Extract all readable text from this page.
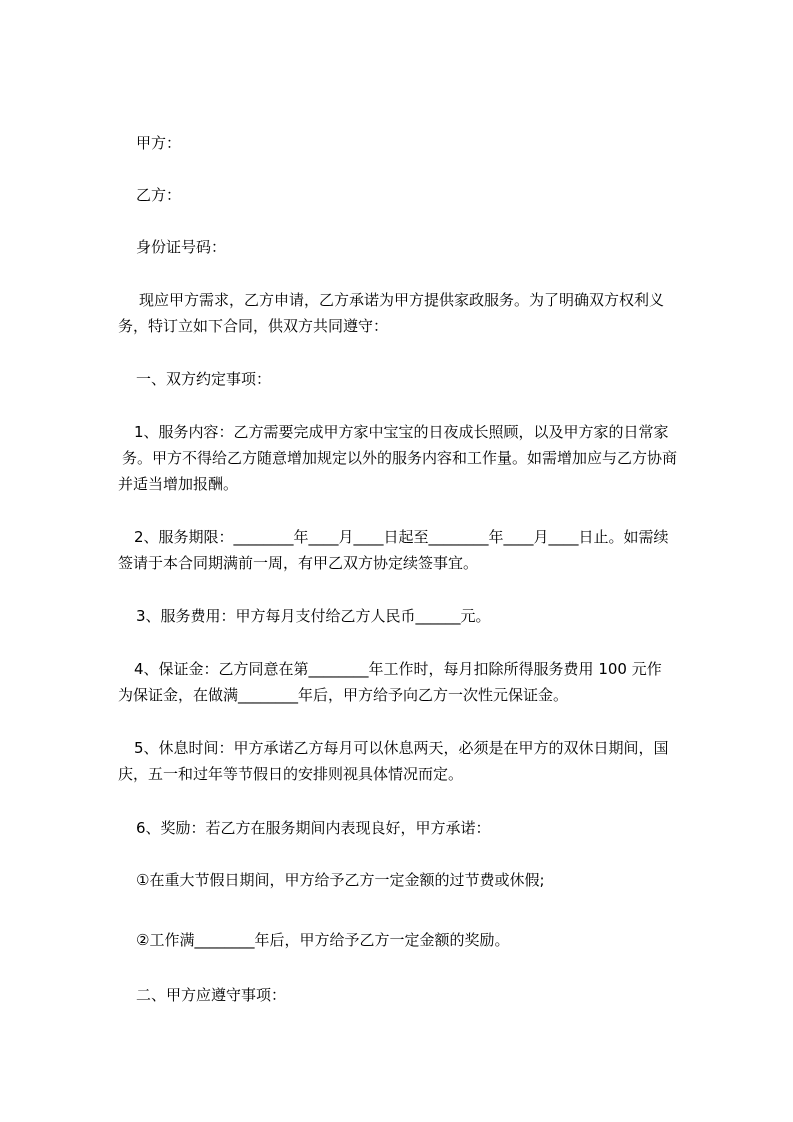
甲方：
乙方：
身份证号码：
现应甲方需求，乙方申请，乙方承诺为甲方提供家政服务。为了明确双方权利义
务，特订立如下合同，供双方共同遵守：
一、双方约定事项：
1、服务内容：乙方需要完成甲方家中宝宝的日夜成长照顾，以及甲方家的日常家
务。甲方不得给乙方随意增加规定以外的服务内容和工作量。如需增加应与乙方协商
并适当增加报酬。
2、服务期限：________年____月____日起至________年____月____日止。如需续
签请于本合同期满前一周，有甲乙双方协定续签事宜。
3、服务费用：甲方每月支付给乙方人民币______元。
4、保证金：乙方同意在第________年工作时，每月扣除所得服务费用 100 元作
为保证金，在做满________年后，甲方给予向乙方一次性元保证金。
5、休息时间：甲方承诺乙方每月可以休息两天，必须是在甲方的双休日期间，国
庆，五一和过年等节假日的安排则视具体情况而定。
6、奖励：若乙方在服务期间内表现良好，甲方承诺：
①在重大节假日期间，甲方给予乙方一定金额的过节费或休假;
②工作满________年后，甲方给予乙方一定金额的奖励。
二、甲方应遵守事项：
